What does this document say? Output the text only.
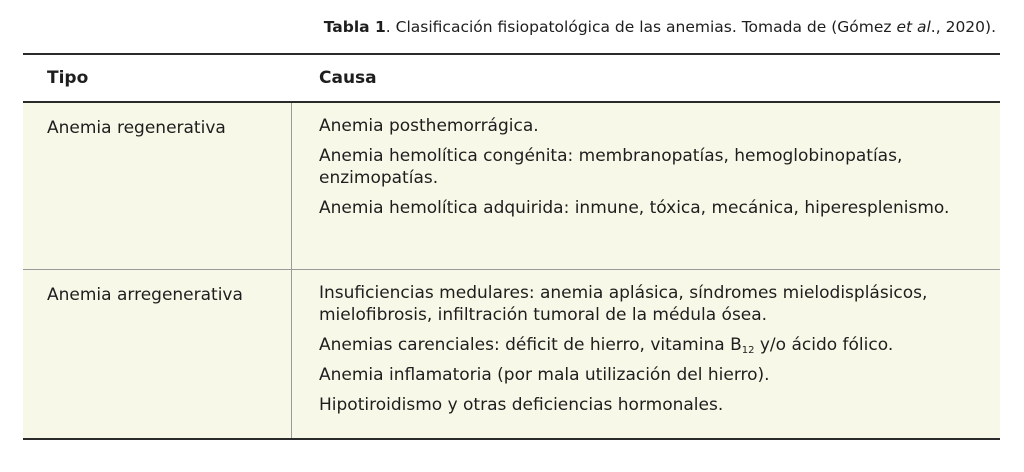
Tabla 1. Clasificación fisiopatológica de las anemias. Tomada de (Gómez et al., 2020).
Tipo	Causa
Anemia regenerativa	Anemia posthemorrágica.
Anemia hemolítica congénita: membranopatías, hemoglobinopatías, enzimopatías.
Anemia hemolítica adquirida: inmune, tóxica, mecánica, hiperesplenismo.
Anemia arregenerativa	Insuficiencias medulares: anemia aplásica, síndromes mielodisplásicos, mielofibrosis, infiltración tumoral de la médula ósea.
Anemias carenciales: déficit de hierro, vitamina $B_{12}$ y/o ácido fólico.
Anemia inflamatoria (por mala utilización del hierro).
Hipotiroidismo y otras deficiencias hormonales.
